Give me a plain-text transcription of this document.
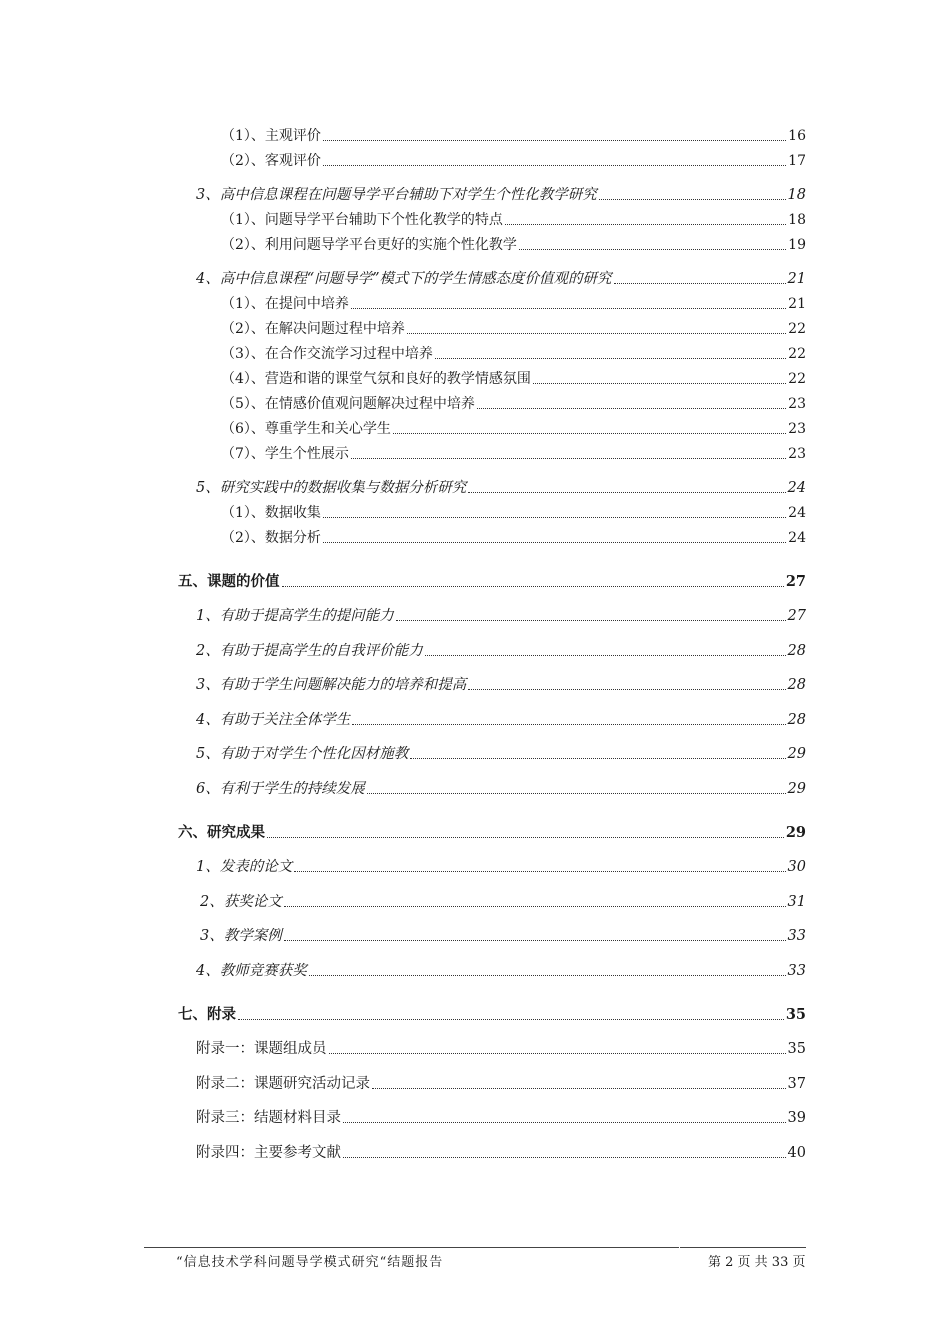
（1）、主观评价	16
（2）、客观评价	17
3、高中信息课程在问题导学平台辅助下对学生个性化教学研究	18
（1）、问题导学平台辅助下个性化教学的特点	18
（2）、利用问题导学平台更好的实施个性化教学	19
4、高中信息课程“问题导学”模式下的学生情感态度价值观的研究	21
（1）、在提问中培养	21
（2）、在解决问题过程中培养	22
（3）、在合作交流学习过程中培养	22
（4）、营造和谐的课堂气氛和良好的教学情感氛围	22
（5）、在情感价值观问题解决过程中培养	23
（6）、尊重学生和关心学生	23
（7）、学生个性展示	23
5、研究实践中的数据收集与数据分析研究	24
（1）、数据收集	24
（2）、数据分析	24
五、课题的价值	27
1、有助于提高学生的提问能力	27
2、有助于提高学生的自我评价能力	28
3、有助于学生问题解决能力的培养和提高	28
4、有助于关注全体学生	28
5、有助于对学生个性化因材施教	29
6、有利于学生的持续发展	29
六、研究成果	29
1、发表的论文	30
2、获奖论文	31
3、教学案例	33
4、教师竞赛获奖	33
七、附录	35
附录一：课题组成员	35
附录二：课题研究活动记录	37
附录三：结题材料目录	39
附录四：主要参考文献	40
“信息技术学科问题导学模式研究“结题报告	第 2 页 共 33 页
